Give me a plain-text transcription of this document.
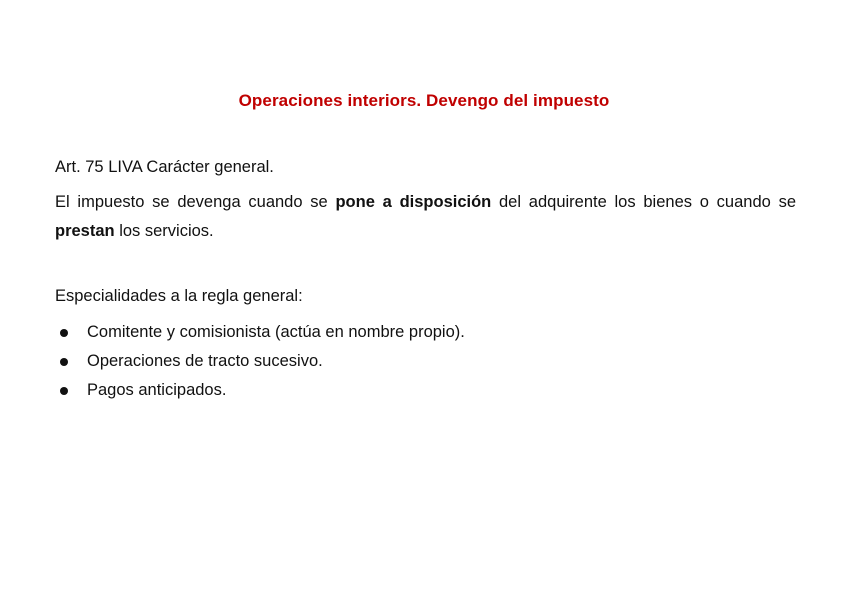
Operaciones interiors. Devengo del impuesto
Art. 75 LIVA Carácter general.
El impuesto se devenga cuando se pone a disposición del adquirente los bienes o cuando se prestan los servicios.
Especialidades a la regla general:
Comitente y comisionista (actúa en nombre propio).
Operaciones de tracto sucesivo.
Pagos anticipados.
